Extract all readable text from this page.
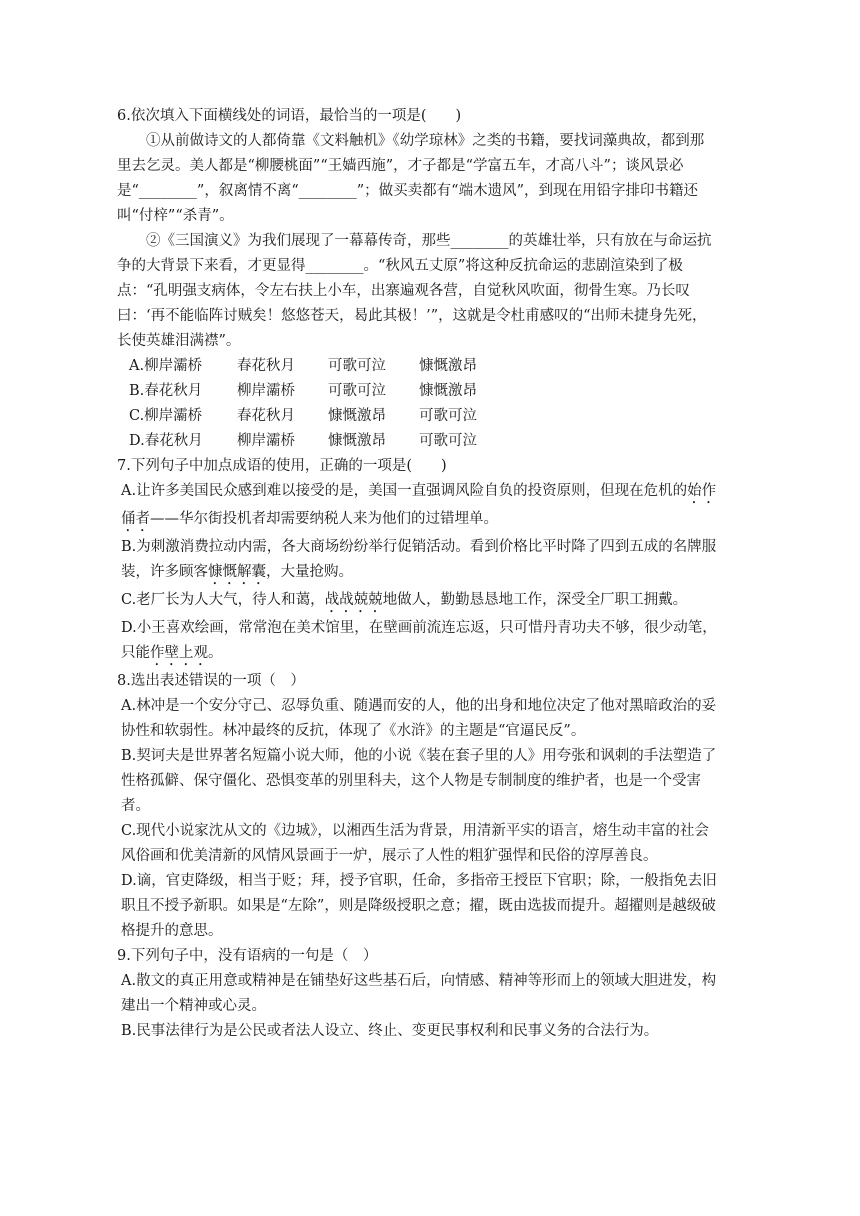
6.依次填入下面横线处的词语，最恰当的一项是(　　)

①从前做诗文的人都倚靠《文料触机》《幼学琼林》之类的书籍，要找词藻典故，都到那里去乞灵。美人都是“柳腰桃面”“王嫱西施”，才子都是“学富五车，才高八斗”；谈风景必是“________”，叙离情不离“________”；做买卖都有“端木遗风”，到现在用铅字排印书籍还叫“付梓”“杀青”。

②《三国演义》为我们展现了一幕幕传奇，那些________的英雄壮举，只有放在与命运抗争的大背景下来看，才更显得________。“秋风五丈原”将这种反抗命运的悲剧渲染到了极点：“孔明强支病体，令左右扶上小车，出寨遍观各营，自觉秋风吹面，彻骨生寒。乃长叹曰：‘再不能临阵讨贼矣！悠悠苍天，曷此其极！’”，这就是令杜甫感叹的“出师未捷身先死，长使英雄泪满襟”。

A.柳岸灞桥 春花秋月 可歌可泣 慷慨激昂

B.春花秋月 柳岸灞桥 可歌可泣 慷慨激昂

C.柳岸灞桥 春花秋月 慷慨激昂 可歌可泣

D.春花秋月 柳岸灞桥 慷慨激昂 可歌可泣

7.下列句子中加点成语的使用，正确的一项是(　　)

A.让许多美国民众感到难以接受的是，美国一直强调风险自负的投资原则，但现在危机的始作俑者——华尔街投机者却需要纳税人来为他们的过错埋单。

B.为刺激消费拉动内需，各大商场纷纷举行促销活动。看到价格比平时降了四到五成的名牌服装，许多顾客慷慨解囊，大量抢购。

C.老厂长为人大气，待人和蔼，战战兢兢地做人，勤勤恳恳地工作，深受全厂职工拥戴。

D.小王喜欢绘画，常常泡在美术馆里，在壁画前流连忘返，只可惜丹青功夫不够，很少动笔，只能作壁上观。

8.选出表述错误的一项（　）

A.林冲是一个安分守己、忍辱负重、随遇而安的人，他的出身和地位决定了他对黑暗政治的妥协性和软弱性。林冲最终的反抗，体现了《水浒》的主题是“官逼民反”。

B.契诃夫是世界著名短篇小说大师，他的小说《装在套子里的人》用夸张和讽刺的手法塑造了性格孤僻、保守僵化、恐惧变革的别里科夫，这个人物是专制制度的维护者，也是一个受害者。

C.现代小说家沈从文的《边城》，以湘西生活为背景，用清新平实的语言，熔生动丰富的社会风俗画和优美清新的风情风景画于一炉，展示了人性的粗犷强悍和民俗的淳厚善良。

D.谪，官吏降级，相当于贬；拜，授予官职，任命，多指帝王授臣下官职；除，一般指免去旧职且不授予新职。如果是“左除”，则是降级授职之意；擢，既由选拔而提升。超擢则是越级破格提升的意思。

9.下列句子中，没有语病的一句是（　）

A.散文的真正用意或精神是在铺垫好这些基石后，向情感、精神等形而上的领域大胆进发，构建出一个精神或心灵。

B.民事法律行为是公民或者法人设立、终止、变更民事权利和民事义务的合法行为。
